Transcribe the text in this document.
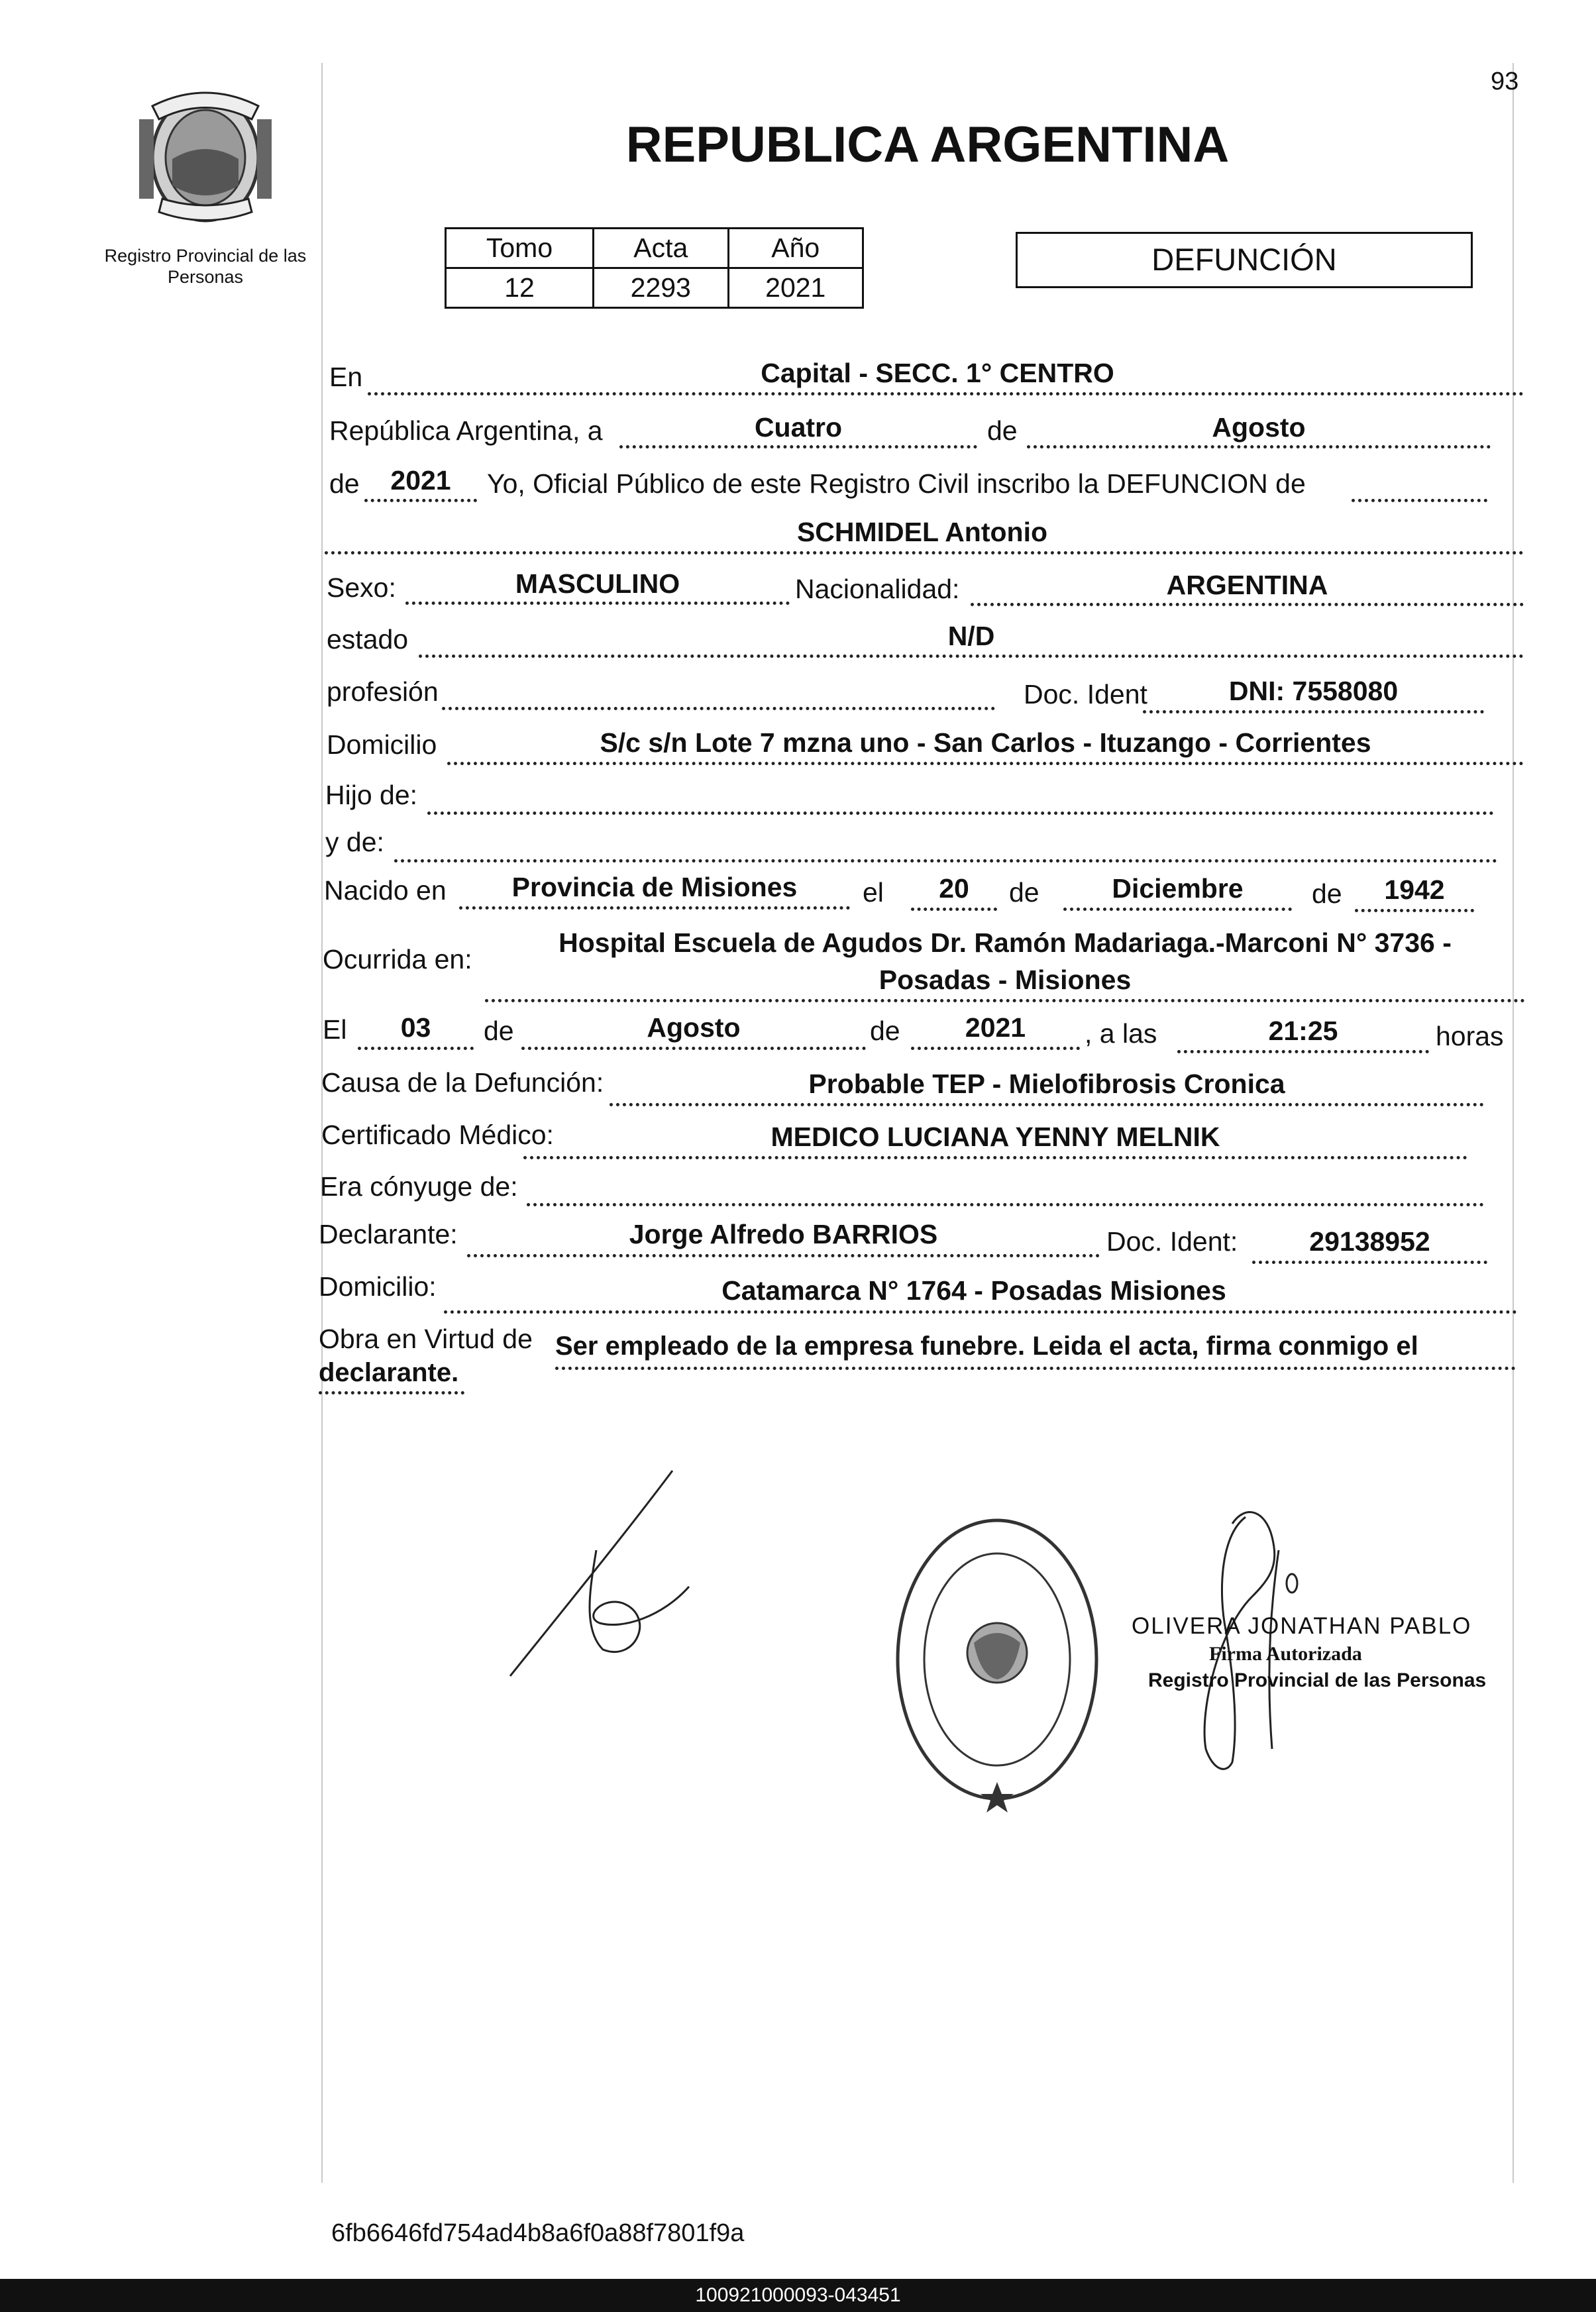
93
Registro Provincial de las Personas
REPUBLICA ARGENTINA
Tomo	Acta	Año
12	2293	2021
DEFUNCIÓN
En	Capital - SECC. 1° CENTRO
República Argentina, a	Cuatro	de	Agosto
de	2021	Yo, Oficial Público de este Registro Civil inscribo la DEFUNCION de
SCHMIDEL Antonio
Sexo:	MASCULINO	Nacionalidad:	ARGENTINA
estado	N/D
profesión	Doc. Ident	DNI: 7558080
Domicilio	S/c s/n Lote 7 mzna uno - San Carlos - Ituzango - Corrientes
Hijo de:
y de:
Nacido en	Provincia de Misiones	el	20	de	Diciembre	de	1942
Ocurrida en:
Hospital Escuela de Agudos Dr. Ramón Madariaga.-Marconi N° 3736 -
Posadas - Misiones
El	03	de	Agosto	de	2021	, a las	21:25	horas
Causa de la Defunción:	Probable TEP - Mielofibrosis Cronica
Certificado Médico:	MEDICO LUCIANA YENNY MELNIK
Era cónyuge de:
Declarante:	Jorge Alfredo BARRIOS	Doc. Ident:	29138952
Domicilio:	Catamarca N° 1764 - Posadas Misiones
Obra en Virtud de Ser empleado de la empresa funebre. Leida el acta, firma conmigo el
declarante.
OLIVERA JONATHAN PABLO
Firma Autorizada
Registro Provincial de las Personas
6fb6646fd754ad4b8a6f0a88f7801f9a
100921000093-043451
